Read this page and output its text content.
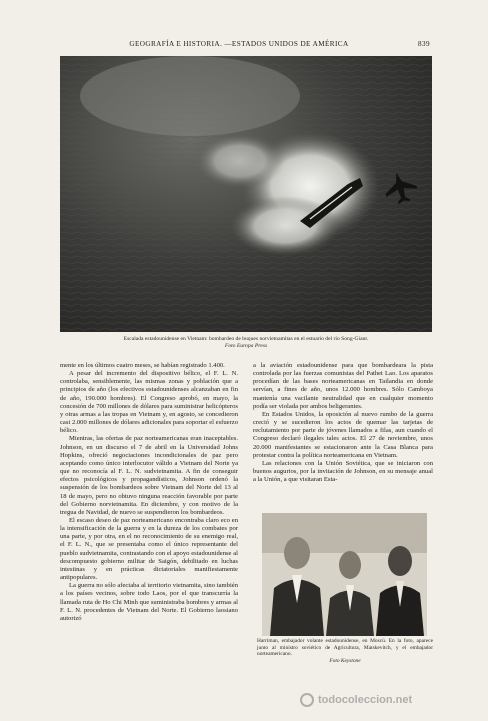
GEOGRAFÍA E HISTORIA. —ESTADOS UNIDOS DE AMÉRICA	839
Escalada estadounidense en Vietnam: bombardeo de buques norvietnamitas en el estuario del río Song-Giant.
Foto Europa Press

mente en los últimos cuatro meses, se habían registrado 1.400.

A pesar del incremento del dispositivo bélico, el F. L. N. controlaba, sensiblemente, las mismas zonas y población que a principios de año (los efectivos estadounidenses alcanzaban en fin de año, 190.000 hombres). El Congreso aprobó, en mayo, la concesión de 700 millones de dólares para suministrar helicópteros y otras armas a las tropas en Vietnam y, en agosto, se concedieron casi 2.000 millones de dólares adicionales para soportar el esfuerzo bélico.

Mientras, las ofertas de paz norteamericanas eran inaceptables. Johnson, en un discurso el 7 de abril en la Universidad Johns Hopkins, ofreció negociaciones incondicionales de paz pero aceptando como único interlocutor válido a Vietnam del Norte ya que no reconocía al F. L. N. sudvietnamita. A fin de conseguir efectos psicológicos y propagandísticos, Johnson ordenó la suspensión de los bombardeos sobre Vietnam del Norte del 13 al 18 de mayo, pero no obtuvo ninguna reacción favorable por parte del Gobierno norvietnamita. En diciembre, y con motivo de la tregua de Navidad, de nuevo se suspendieron los bombardeos.

El escaso deseo de paz norteamericano encontraba claro eco en la intensificación de la guerra y en la dureza de los combates por una parte, y por otra, en el no reconocimiento de su enemigo real, el F. L. N., que se presentaba como el único representante del pueblo sudvietnamita, contrastando con el apoyo estadounidense al descompuesto gobierno militar de Saigón, debilitado en luchas intestinas y en prácticas dictatoriales manifiestamente antipopulares.

La guerra no sólo afectaba al territorio vietnamita, sino también a los países vecinos, sobre todo Laos, por el que transcurría la llamada ruta de Ho Chi Minh que suministraba hombres y armas al F. L. N. procedentes de Vietnam del Norte. El Gobierno laosiano autorizó

a la aviación estadounidense para que bombardeara la pista controlada por las fuerzas comunistas del Pathet Lao. Los aparatos procedían de las bases norteamericanas en Tailandia en donde servían, a fines de año, unos 12.000 hombres. Sólo Camboya mantenía una vacilante neutralidad que en cualquier momento podía ser violada por ambos beligerantes.

En Estados Unidos, la oposición al nuevo rumbo de la guerra creció y se sucedieron los actos de quemar las tarjetas de reclutamiento por parte de jóvenes llamados a filas, aun cuando el Congreso declaró ilegales tales actos. El 27 de noviembre, unos 20.000 manifestantes se estacionaron ante la Casa Blanca para protestar contra la política norteamericana en Vietnam.

Las relaciones con la Unión Soviética, que se iniciaron con buenos augurios, por la invitación de Johnson, en su mensaje anual a la Unión, a que visitaran Esta-

Harriman, embajador volante estadounidense, en Moscú. En la foto, aparece junto al ministro soviético de Agricultura, Matskevitch, y el embajador norteamericano.
Foto Keystone
todocoleccion.net
